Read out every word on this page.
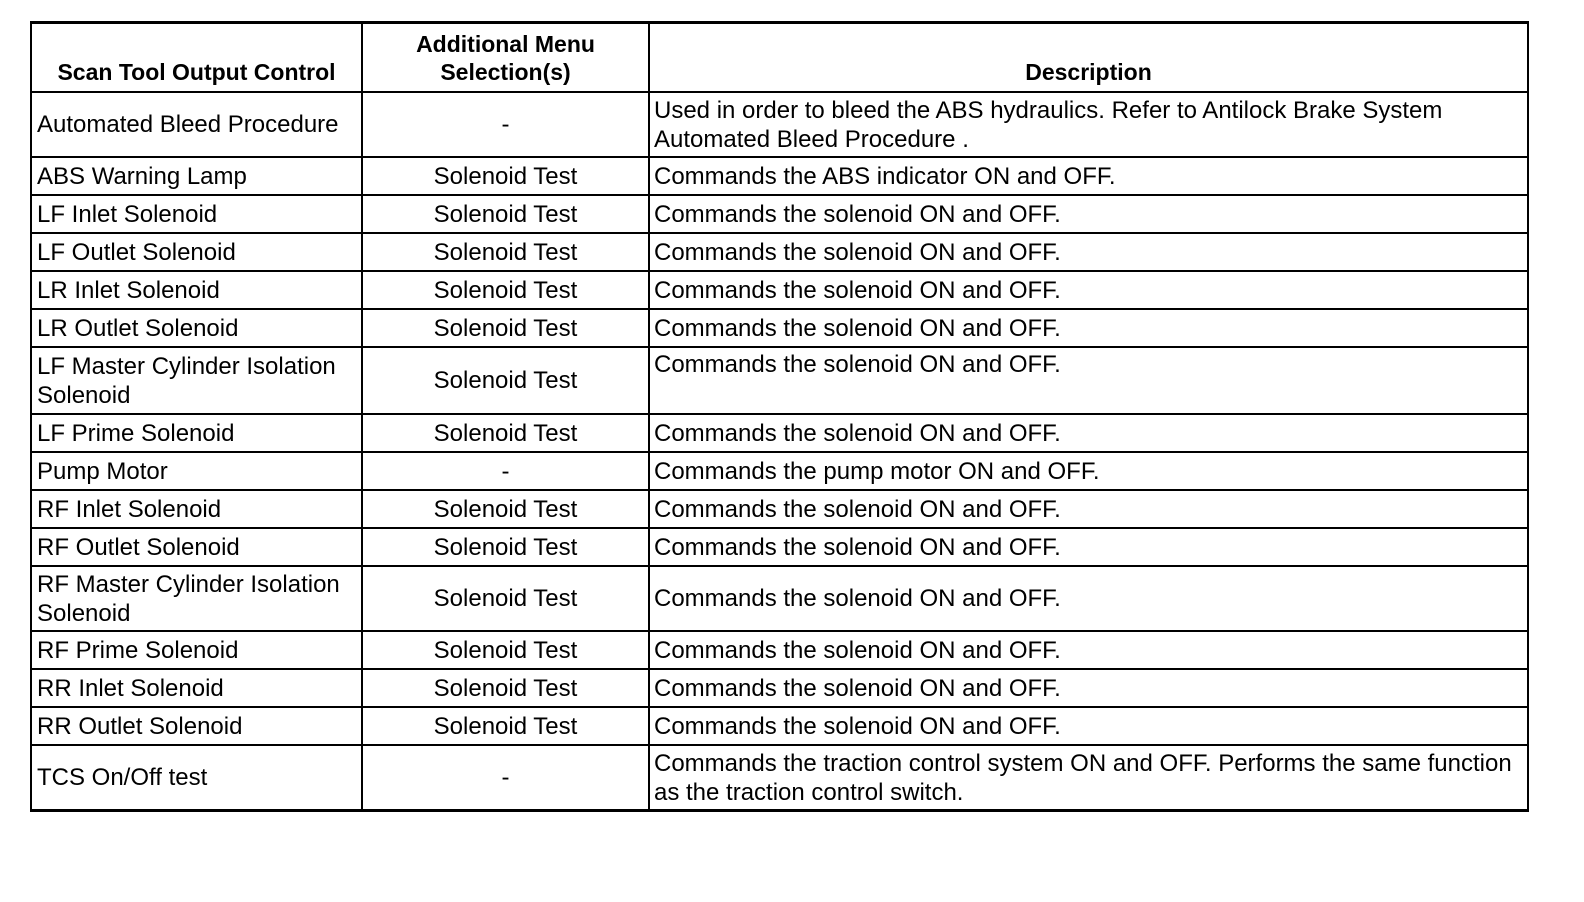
Scan Tool Output Control	Additional Menu Selection(s)	Description
Automated Bleed Procedure	-	Used in order to bleed the ABS hydraulics. Refer to Antilock Brake System Automated Bleed Procedure .
ABS Warning Lamp	Solenoid Test	Commands the ABS indicator ON and OFF.
LF Inlet Solenoid	Solenoid Test	Commands the solenoid ON and OFF.
LF Outlet Solenoid	Solenoid Test	Commands the solenoid ON and OFF.
LR Inlet Solenoid	Solenoid Test	Commands the solenoid ON and OFF.
LR Outlet Solenoid	Solenoid Test	Commands the solenoid ON and OFF.
LF Master Cylinder Isolation Solenoid	Solenoid Test	Commands the solenoid ON and OFF.
LF Prime Solenoid	Solenoid Test	Commands the solenoid ON and OFF.
Pump Motor	-	Commands the pump motor ON and OFF.
RF Inlet Solenoid	Solenoid Test	Commands the solenoid ON and OFF.
RF Outlet Solenoid	Solenoid Test	Commands the solenoid ON and OFF.
RF Master Cylinder Isolation Solenoid	Solenoid Test	Commands the solenoid ON and OFF.
RF Prime Solenoid	Solenoid Test	Commands the solenoid ON and OFF.
RR Inlet Solenoid	Solenoid Test	Commands the solenoid ON and OFF.
RR Outlet Solenoid	Solenoid Test	Commands the solenoid ON and OFF.
TCS On/Off test	-	Commands the traction control system ON and OFF. Performs the same function as the traction control switch.
